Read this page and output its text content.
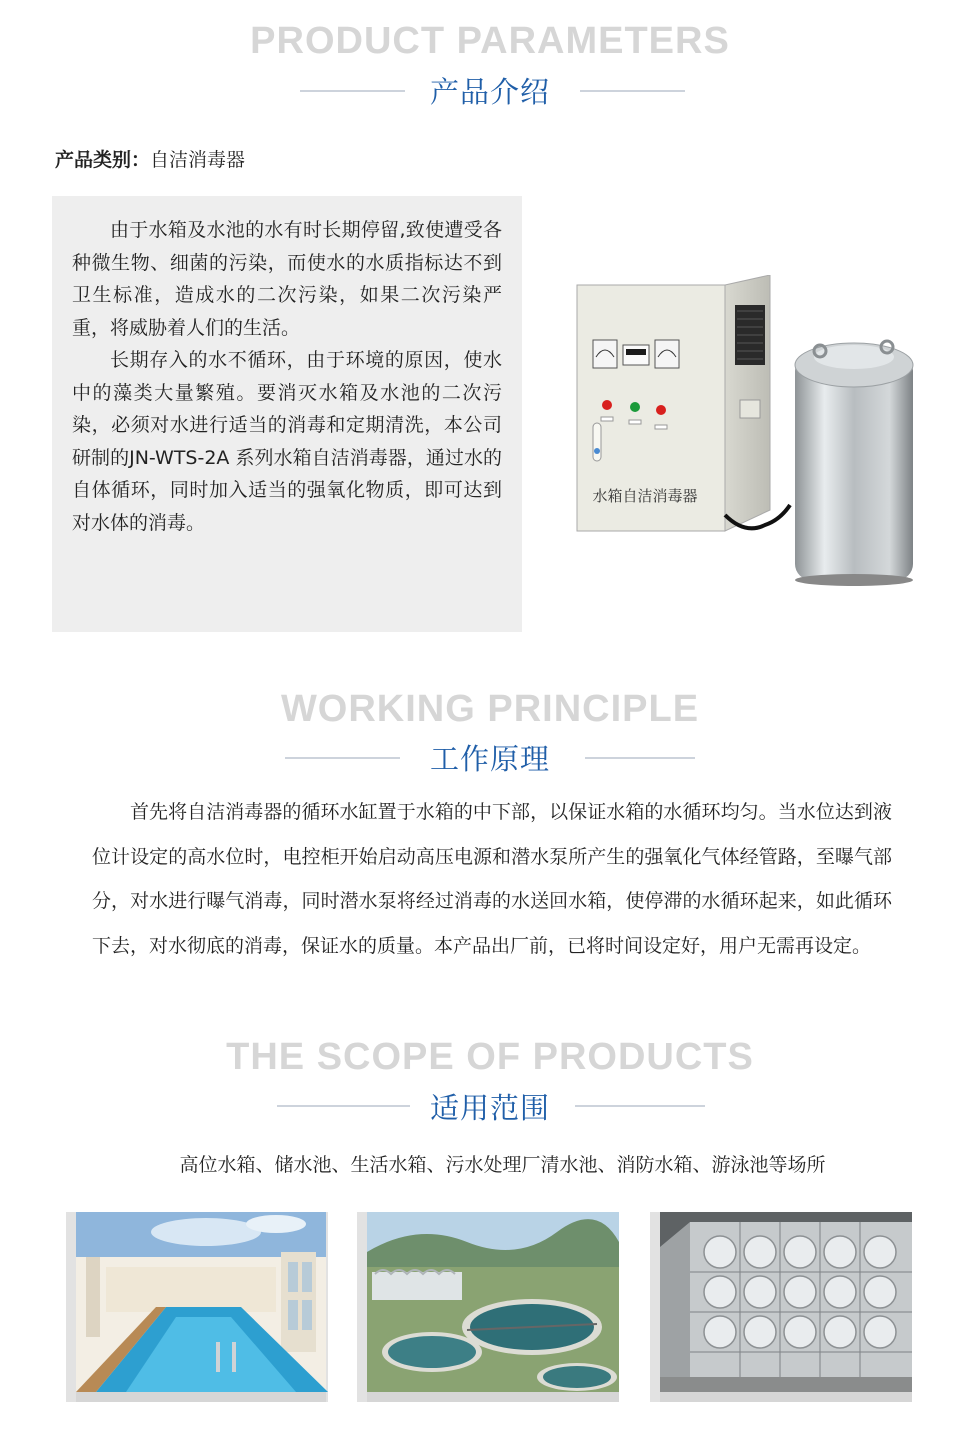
PRODUCT PARAMETERS
产品介绍
产品类别：自洁消毒器

由于水箱及水池的水有时长期停留,致使遭受各种微生物、细菌的污染，而使水的水质指标达不到卫生标准，造成水的二次污染，如果二次污染严重，将威胁着人们的生活。

长期存入的水不循环，由于环境的原因，使水中的藻类大量繁殖。要消灭水箱及水池的二次污染，必须对水进行适当的消毒和定期清洗，本公司研制的JN-WTS-2A 系列水箱自洁消毒器，通过水的自体循环，同时加入适当的强氧化物质，即可达到对水体的消毒。

水箱自洁消毒器
WORKING PRINCIPLE
工作原理

首先将自洁消毒器的循环水缸置于水箱的中下部，以保证水箱的水循环均匀。当水位达到液位计设定的高水位时，电控柜开始启动高压电源和潜水泵所产生的强氧化气体经管路，至曝气部分，对水进行曝气消毒，同时潜水泵将经过消毒的水送回水箱，使停滞的水循环起来，如此循环下去，对水彻底的消毒，保证水的质量。本产品出厂前，已将时间设定好，用户无需再设定。

THE SCOPE OF PRODUCTS
适用范围
高位水箱、储水池、生活水箱、污水处理厂清水池、消防水箱、游泳池等场所
